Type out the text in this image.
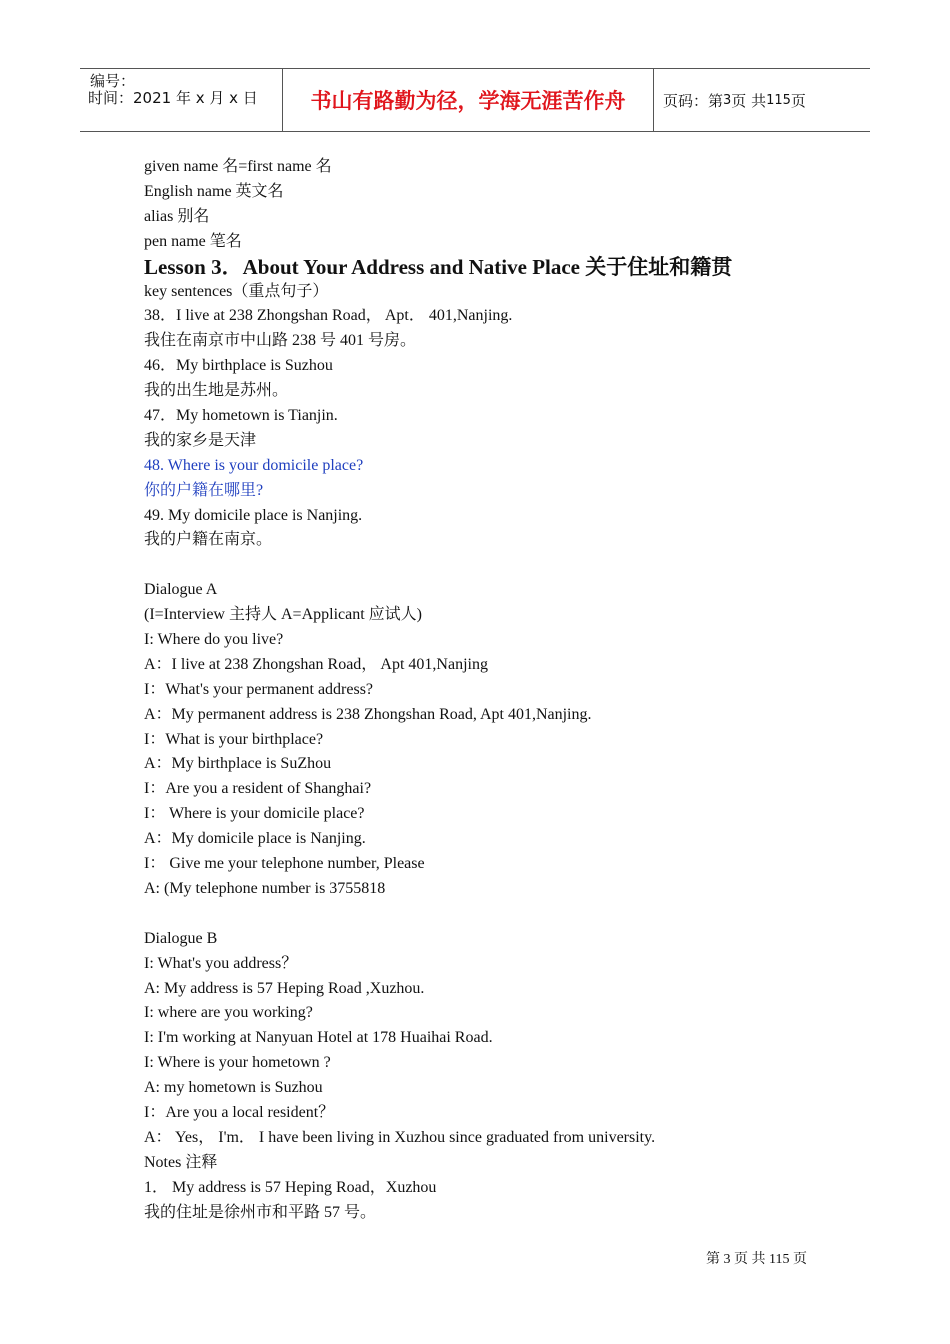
编号：
时间：2021 年 x 月 x 日	书山有路勤为径，学海无涯苦作舟	页码：第 3 页 共 115 页
given name 名=first name 名
English name 英文名
alias 别名
pen name 笔名
Lesson 3．About Your Address and Native Place 关于住址和籍贯
key sentences（重点句子）
38．I live at 238 Zhongshan Road， Apt． 401,Nanjing.
我住在南京市中山路 238 号 401 号房。
46．My birthplace is Suzhou
我的出生地是苏州。
47．My hometown is Tianjin.
我的家乡是天津
48. Where is your domicile place?
你的户籍在哪里?
49. My domicile place is Nanjing.
我的户籍在南京。
Dialogue A
(I=Interview 主持人 A=Applicant 应试人)
I: Where do you live?
A：I live at 238 Zhongshan Road， Apt 401,Nanjing
I：What's your permanent address?
A：My permanent address is 238 Zhongshan Road, Apt 401,Nanjing.
I：What is your birthplace?
A：My birthplace is SuZhou
I：Are you a resident of Shanghai?
I： Where is your domicile place?
A：My domicile place is Nanjing.
I： Give me your telephone number, Please
A: (My telephone number is 3755818
Dialogue B
I: What's you address？
A: My address is 57 Heping Road ,Xuzhou.
I: where are you working?
I: I'm working at Nanyuan Hotel at 178 Huaihai Road.
I: Where is your hometown ?
A: my hometown is Suzhou
I：Are you a local resident？
A： Yes， I'm． I have been living in Xuzhou since graduated from university.
Notes 注释
1． My address is 57 Heping Road，Xuzhou
我的住址是徐州市和平路 57 号。
第 3 页 共 115 页
